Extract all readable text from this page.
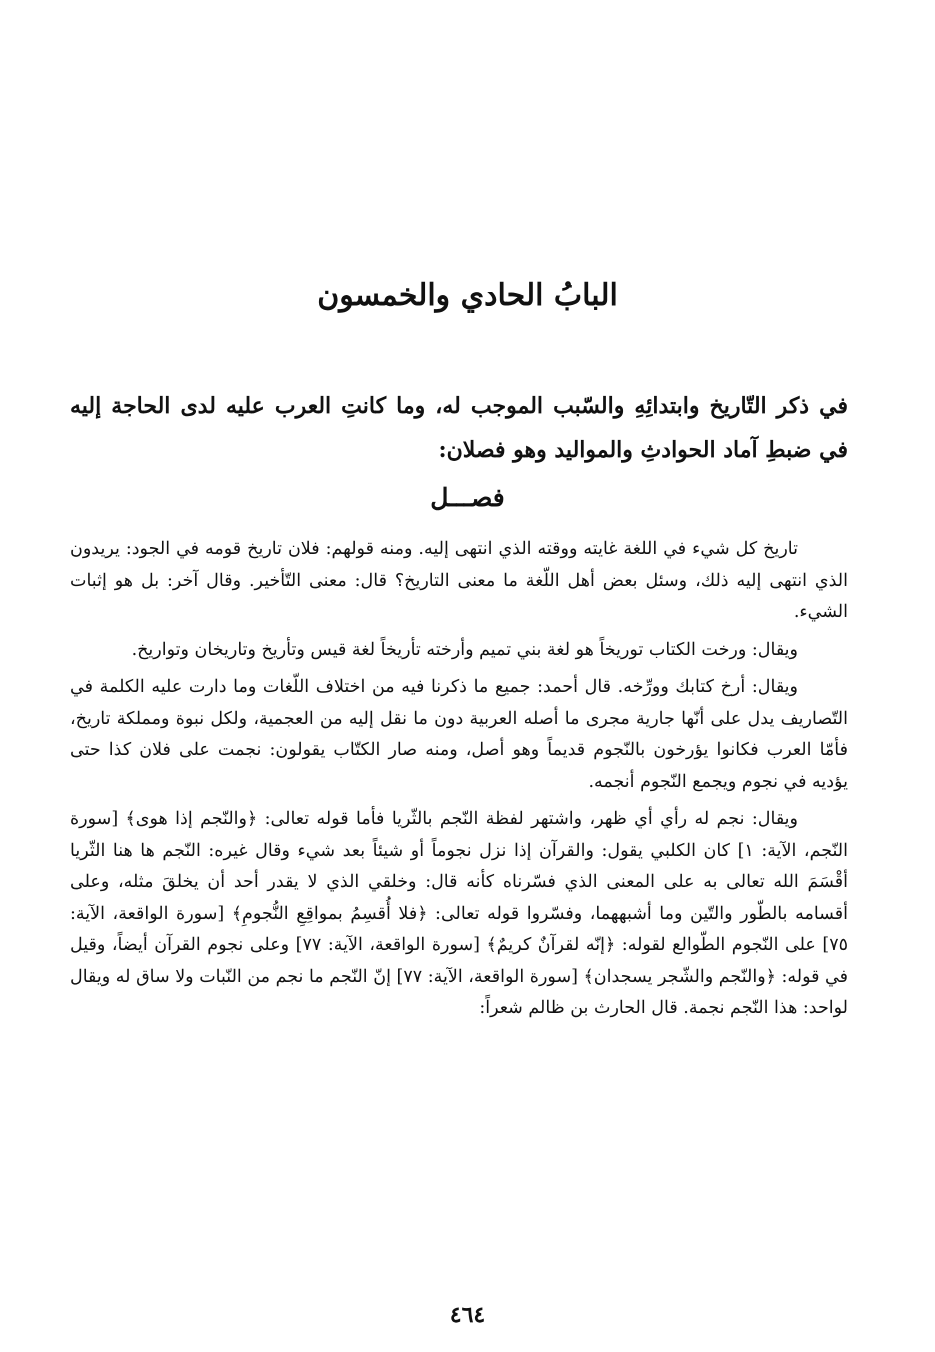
البابُ الحادي والخمسون
في ذكر التّاريخ وابتدائِهِ والسّبب الموجب له، وما كانتِ العرب عليه لدى الحاجة إليه في ضبطِ آماد الحوادثِ والمواليد وهو فصلان:
فصـــل

تاريخ كل شيء في اللغة غايته ووقته الذي انتهى إليه. ومنه قولهم: فلان تاريخ قومه في الجود: يريدون الذي انتهى إليه ذلك، وسئل بعض أهل اللّغة ما معنى التاريخ؟ قال: معنى التّأخير. وقال آخر: بل هو إثبات الشيء.

ويقال: ورخت الكتاب توريخاً هو لغة بني تميم وأرخته تأريخاً لغة قيس وتأريخ وتاريخان وتواريخ.

ويقال: أرخ كتابك وورِّخه. قال أحمد: جميع ما ذكرنا فيه من اختلاف اللّغات وما دارت عليه الكلمة في التّصاريف يدل على أنّها جارية مجرى ما أصله العربية دون ما نقل إليه من العجمية، ولكل نبوة ومملكة تاريخ، فأمّا العرب فكانوا يؤرخون بالنّجوم قديماً وهو أصل، ومنه صار الكتّاب يقولون: نجمت على فلان كذا حتى يؤديه في نجوم ويجمع النّجوم أنجمه.

ويقال: نجم له رأي أي ظهر، واشتهر لفظة النّجم بالثّريا فأما قوله تعالى: ﴿والنّجم إذا هوى﴾ [سورة النّجم، الآية: ١] كان الكلبي يقول: والقرآن إذا نزل نجوماً أو شيئاً بعد شيء وقال غيره: النّجم ها هنا الثّريا أقْسَمَ الله تعالى به على المعنى الذي فسّرناه كأنه قال: وخلقي الذي لا يقدر أحد أن يخلقَ مثله، وعلى أقسامه بالطّور والتّين وما أشبههما، وفسّروا قوله تعالى: ﴿فلا أُقسِمُ بمواقِعِ النُّجومِ﴾ [سورة الواقعة، الآية: ٧٥] على النّجوم الطّوالع لقوله: ﴿إنّه لقرآنٌ كريمٌ﴾ [سورة الواقعة، الآية: ٧٧] وعلى نجوم القرآن أيضاً، وقيل في قوله: ﴿والنّجم والشّجر يسجدان﴾ [سورة الواقعة، الآية: ٧٧] إنّ النّجم ما نجم من النّبات ولا ساق له ويقال لواحد: هذا النّجم نجمة. قال الحارث بن ظالم شعراً:

٤٦٤
